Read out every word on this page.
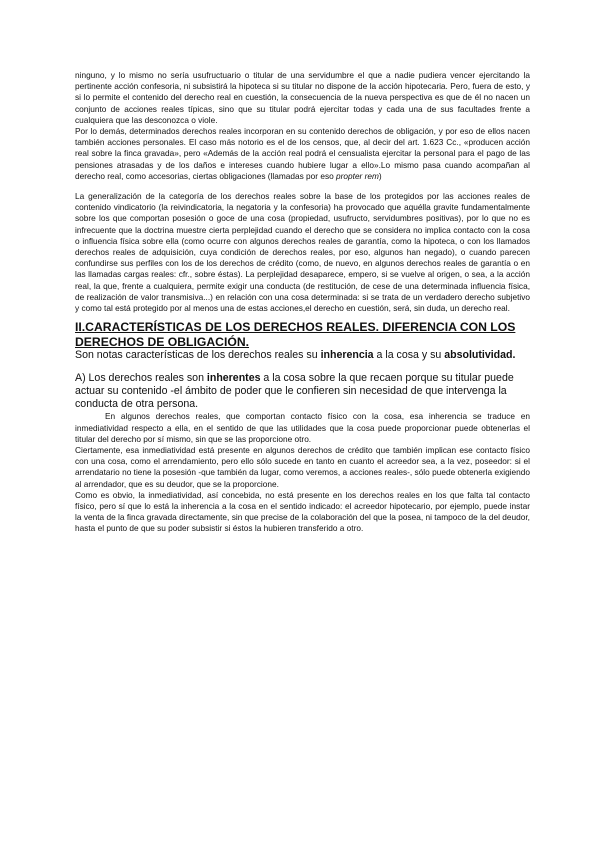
ninguno, y lo mismo no sería usufructuario o titular de una servidumbre el que a nadie pudiera vencer ejercitando la pertinente acción confesoria, ni subsistirá la hipoteca si su titular no dispone de la acción hipotecaria. Pero, fuera de esto, y si lo permite el contenido del derecho real en cuestión, la consecuencia de la nueva perspectiva es que de él no nacen un conjunto de acciones reales típicas, sino que su titular podrá ejercitar todas y cada una de sus facultades frente a cualquiera que las desconozca o viole.

Por lo demás, determinados derechos reales incorporan en su contenido derechos de obligación, y por eso de ellos nacen también acciones personales. El caso más notorio es el de los censos, que, al decir del art. 1.623 Cc., «producen acción real sobre la finca gravada», pero «Además de la acción real podrá el censualista ejercitar la personal para el pago de las pensiones atrasadas y de los daños e intereses cuando hubiere lugar a ello».Lo mismo pasa cuando acompañan al derecho real, como accesorias, ciertas obligaciones (llamadas por eso propter rem)

La generalización de la categoría de los derechos reales sobre la base de los protegidos por las acciones reales de contenido vindicatorio (la reivindicatoria, la negatoria y la confesoria) ha provocado que aquélla gravite fundamentalmente sobre los que comportan posesión o goce de una cosa (propiedad, usufructo, servidumbres positivas), por lo que no es infrecuente que la doctrina muestre cierta perplejidad cuando el derecho que se considera no implica contacto con la cosa o influencia física sobre ella (como ocurre con algunos derechos reales de garantía, como la hipoteca, o con los llamados derechos reales de adquisición, cuya condición de derechos reales, por eso, algunos han negado), o cuando parecen confundirse sus perfiles con los de los derechos de crédito (como, de nuevo, en algunos derechos reales de garantía o en las llamadas cargas reales: cfr., sobre éstas). La perplejidad desaparece, empero, si se vuelve al origen, o sea, a la acción real, la que, frente a cualquiera, permite exigir una conducta (de restitución, de cese de una determinada influencia física, de realización de valor transmisiva...) en relación con una cosa determinada: si se trata de un verdadero derecho subjetivo y como tal está protegido por al menos una de estas acciones,el derecho en cuestión, será, sin duda, un derecho real.

II.CARACTERÍSTICAS DE LOS DERECHOS REALES. DIFERENCIA CON LOS DERECHOS DE OBLIGACIÓN.

Son notas características de los derechos reales su inherencia a la cosa y su absolutividad.

A) Los derechos reales son inherentes a la cosa sobre la que recaen porque su titular puede actuar su contenido -el ámbito de poder que le confieren sin necesidad de que intervenga la conducta de otra persona.

En algunos derechos reales, que comportan contacto físico con la cosa, esa inherencia se traduce en inmediatividad respecto a ella, en el sentido de que las utilidades que la cosa puede proporcionar puede obtenerlas el titular del derecho por sí mismo, sin que se las proporcione otro.

Ciertamente, esa inmediatividad está presente en algunos derechos de crédito que también implican ese contacto físico con una cosa, como el arrendamiento, pero ello sólo sucede en tanto en cuanto el acreedor sea, a la vez, poseedor: si el arrendatario no tiene la posesión -que también da lugar, como veremos, a acciones reales-, sólo puede obtenerla exigiendo al arrendador, que es su deudor, que se la proporcione.

Como es obvio, la inmediatividad, así concebida, no está presente en los derechos reales en los que falta tal contacto físico, pero sí que lo está la inherencia a la cosa en el sentido indicado: el acreedor hipotecario, por ejemplo, puede instar la venta de la finca gravada directamente, sin que precise de la colaboración del que la posea, ni tampoco de la del deudor, hasta el punto de que su poder subsistir si éstos la hubieren transferido a otro.
